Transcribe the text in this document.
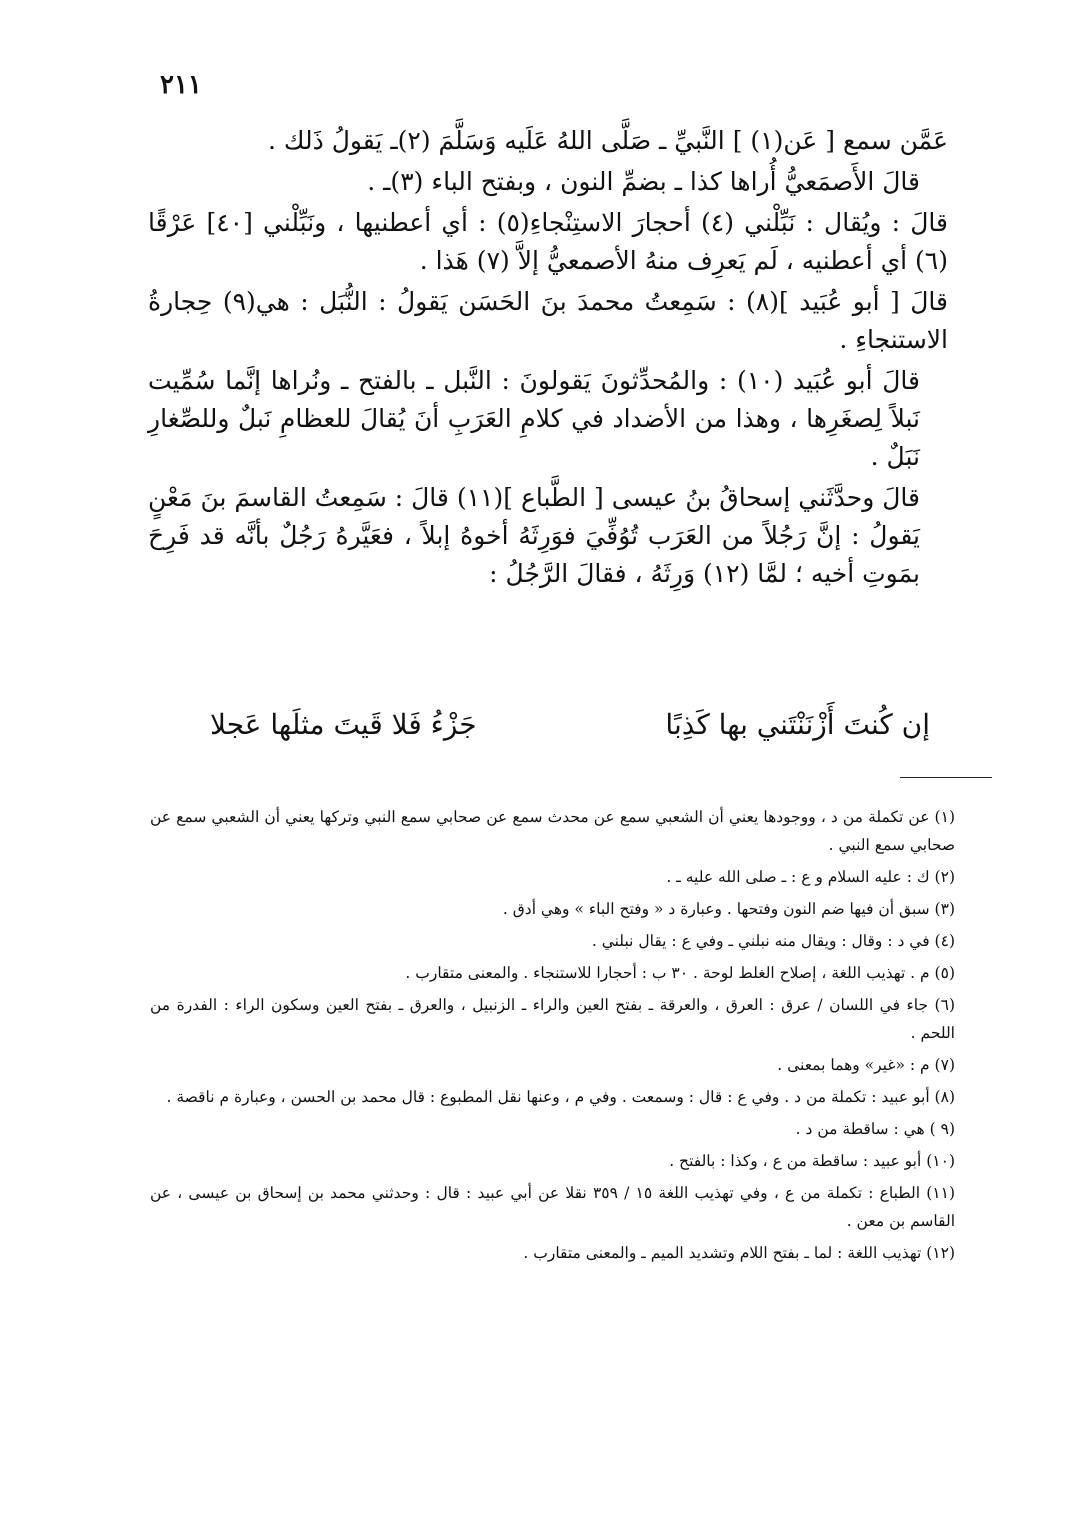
٢١١

عَمَّن سمع [ عَن(١) ] النَّبيِّ ـ صَلَّى اللهُ عَلَيه وَسَلَّمَ (٢)ـ يَقولُ ذَلك .

قالَ الأَصمَعيُّ أُراها كذا ـ بضمِّ النون ، وبفتح الباء (٣)ـ .

قالَ : ويُقال : نَبِّلْني (٤) أحجارَ الاستِنْجاءِ(٥) : أي أعطنيها ، ونَبِّلْني [٤٠] عَرْقًا (٦) أي أعطنيه ، لَم يَعرِف منهُ الأصمعيُّ إلاَّ (٧) هَذا .

قالَ [ أبو عُبَيد ](٨) : سَمِعتُ محمدَ بنَ الحَسَن يَقولُ : النُّبَل : هي(٩) حِجارةُ الاستنجاءِ .

قالَ أبو عُبَيد (١٠) : والمُحدِّثونَ يَقولونَ : النَّبل ـ بالفتح ـ ونُراها إنَّما سُمِّيت نَبلاً لِصغَرِها ، وهذا من الأضداد في كلامِ العَرَبِ أنَ يُقالَ للعظامِ نَبلٌ وللصِّغارِ نَبَلٌ .

قالَ وحدَّثَني إسحاقُ بنُ عيسى [ الطَّباع ](١١) قالَ : سَمِعتُ القاسمَ بنَ مَعْنٍ يَقولُ : إنَّ رَجُلاً من العَرَب تُوُفِّيَ فوَرِثَهُ أخوهُ إبلاً ، فعَيَّرهُ رَجُلٌ بأنَّه قد فَرِحَ بمَوتِ أخيه ؛ لمَّا (١٢) وَرِثَهُ ، فقالَ الرَّجُلُ :

إن كُنتَ أَزْنَنْتَني بها كَذِبًا
جَزْءُ فَلا قَيتَ مثلَها عَجلا

(١) عن تكملة من د ، ووجودها يعني أن الشعبي سمع عن محدث سمع عن صحابي سمع النبي وتركها يعني أن الشعبي سمع عن صحابي سمع النبي .

(٢) ك : عليه السلام و ع : ـ صلى الله عليه ـ .

(٣) سبق أن فيها ضم النون وفتحها . وعبارة د « وفتح الباء » وهي أدق .

(٤) في د : وقال : ويقال منه نبلني ـ وفي ع : يقال نبلني .

(٥) م . تهذيب اللغة ، إصلاح الغلط لوحة . ٣٠ ب : أحجارا للاستنجاء . والمعنى متقارب .

(٦) جاء في اللسان / عرق : العرق ، والعرقة ـ بفتح العين والراء ـ الزنبيل ، والعرق ـ بفتح العين وسكون الراء : الفدرة من اللحم .

(٧) م : «غير» وهما بمعنى .

(٨) أبو عبيد : تكملة من د . وفي ع : قال : وسمعت . وفي م ، وعنها نقل المطبوع : قال محمد بن الحسن ، وعبارة م ناقصة .

(٩ ) هي : ساقطة من د .

(١٠) أبو عبيد : ساقطة من ع ، وكذا : بالفتح .

(١١) الطباع : تكملة من ع ، وفي تهذيب اللغة ١٥ / ٣٥٩ نقلا عن أبي عبيد : قال : وحدثني محمد بن إسحاق بن عيسى ، عن القاسم بن معن .

(١٢) تهذيب اللغة : لما ـ بفتح اللام وتشديد الميم ـ والمعنى متقارب .
